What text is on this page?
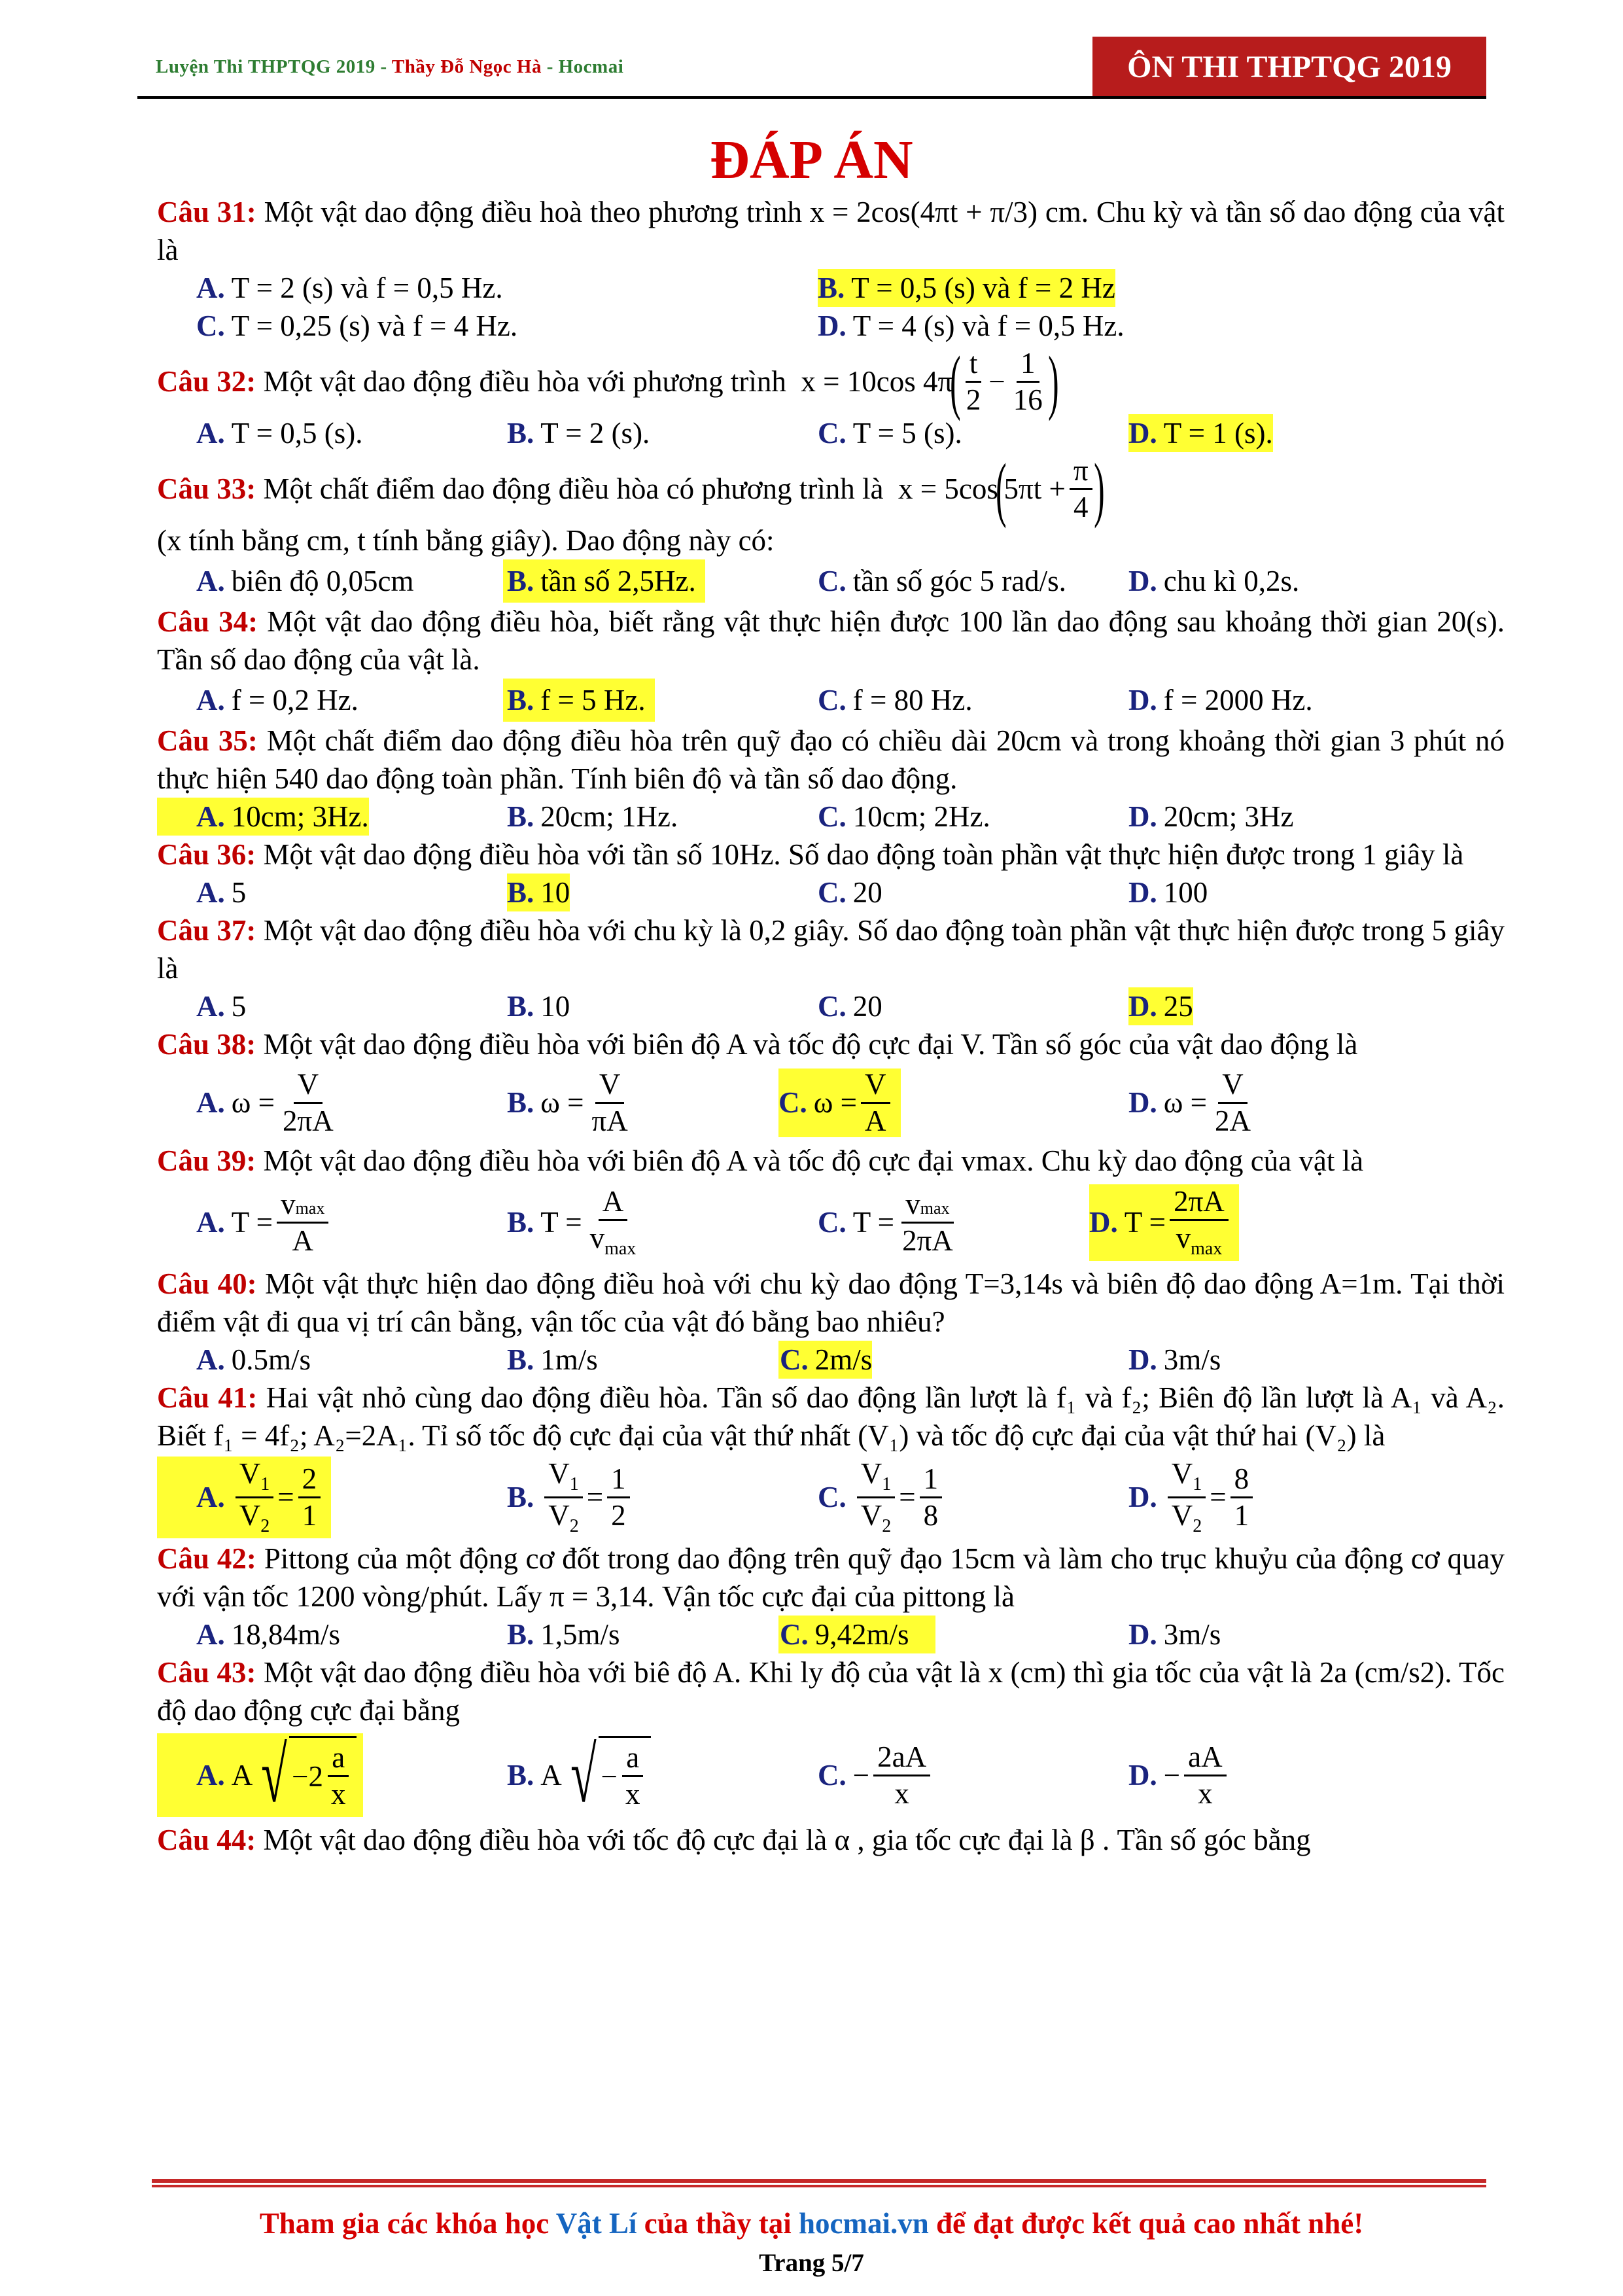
Luyện Thi THPTQG 2019 - Thầy Đỗ Ngọc Hà - Hocmai	ÔN THI THPTQG 2019
ĐÁP ÁN
Câu 31: Một vật dao động điều hoà theo phương trình x = 2cos(4πt + π/3) cm. Chu kỳ và tần số dao động của vật là
A. T = 2 (s) và f = 0,5 Hz.	B. T = 0,5 (s) và f = 2 Hz
C. T = 0,25 (s) và f = 4 Hz.	D. T = 4 (s) và f = 0,5 Hz.
Câu 32:
Một vật dao động điều hòa với phương trình
x = 10cos 4π
( $\frac{t}{2} - \frac{1}{16}$ )
A. T = 0,5 (s).	B. T = 2 (s).	C. T = 5 (s).	D. T = 1 (s).
Câu 33:
Một chất điểm dao động điều hòa có phương trình là
x = 5cos
(
$5\pi t + \frac{\pi}{4}$ )
(x tính bằng cm, t tính bằng giây). Dao động này có:
A. biên độ 0,05cm	B. tần số 2,5Hz.	C. tần số góc 5 rad/s. D. chu kì 0,2s.
Câu 34: Một vật dao động điều hòa, biết rằng vật thực hiện được 100 lần dao động sau khoảng thời gian 20(s). Tần số dao động của vật là.
A. f = 0,2 Hz.	B. f = 5 Hz.	C. f = 80 Hz.	D. f = 2000 Hz.
Câu 35: Một chất điểm dao động điều hòa trên quỹ đạo có chiều dài 20cm và trong khoảng thời gian 3 phút nó thực hiện 540 dao động toàn phần. Tính biên độ và tần số dao động.
A. 10cm; 3Hz.	B. 20cm; 1Hz.	C. 10cm; 2Hz.	D. 20cm; 3Hz
Câu 36: Một vật dao động điều hòa với tần số 10Hz. Số dao động toàn phần vật thực hiện được trong 1 giây là
A. 5	B. 10	C. 20	D. 100
Câu 37: Một vật dao động điều hòa với chu kỳ là 0,2 giây. Số dao động toàn phần vật thực hiện được trong 5 giây là
A. 5	B. 10	C. 20	D. 25
Câu 38: Một vật dao động điều hòa với biên độ A và tốc độ cực đại V. Tần số góc của vật dao động là
A. $\omega = \frac{V}{2\pi A}$	B. $\omega = \frac{V}{\pi A}$	C. $\omega = \frac{V}{A}$	D. $\omega = \frac{V}{2A}$
Câu 39: Một vật dao động điều hòa với biên độ A và tốc độ cực đại vmax. Chu kỳ dao động của vật là
A. $T = \frac{vmax}{A}$	B. $T = \frac{A}{v_{max}}$	C. $T = \frac{vmax}{2\pi A}$	D. $T = \frac{2\pi A}{v_{max}}$
Câu 40: Một vật thực hiện dao động điều hoà với chu kỳ dao động T=3,14s và biên độ dao động A=1m. Tại thời điểm vật đi qua vị trí cân bằng, vận tốc của vật đó bằng bao nhiêu?
A. 0.5m/s	B. 1m/s	C. 2m/s	D. 3m/s
Câu 41: Hai vật nhỏ cùng dao động điều hòa. Tần số dao động lần lượt là f₁ và f₂; Biên độ lần lượt là A₁ và A₂. Biết f₁ = 4f₂; A₂=2A₁. Tỉ số tốc độ cực đại của vật thứ nhất (V₁) và tốc độ cực đại của vật thứ hai (V₂) là
A. $\frac{V_1}{V_2} = \frac{2}{1}$	B. $\frac{V_1}{V_2} = \frac{1}{2}$	C. $\frac{V_1}{V_2} = \frac{1}{8}$	D. $\frac{V_1}{V_2} = \frac{8}{1}$
Câu 42: Pittong của một động cơ đốt trong dao động trên quỹ đạo 15cm và làm cho trục khuỷu của động cơ quay với vận tốc 1200 vòng/phút. Lấy π = 3,14. Vận tốc cực đại của pittong là
A. 18,84m/s	B. 1,5m/s	C. 9,42m/s	D. 3m/s
Câu 43: Một vật dao động điều hòa với biê độ A. Khi ly độ của vật là x (cm) thì gia tốc của vật là 2a (cm/s2). Tốc độ dao động cực đại bằng
A. A √ $-2 \frac{a}{x}$	B. A √ − $\frac{a}{x}$	C. − $\frac{2aA}{x}$	D. − $\frac{aA}{x}$
Câu 44: Một vật dao động điều hòa với tốc độ cực đại là α , gia tốc cực đại là β . Tần số góc bằng
Tham gia các khóa học Vật Lí của thầy tại hocmai.vn để đạt được kết quả cao nhất nhé!
Trang 5/7
